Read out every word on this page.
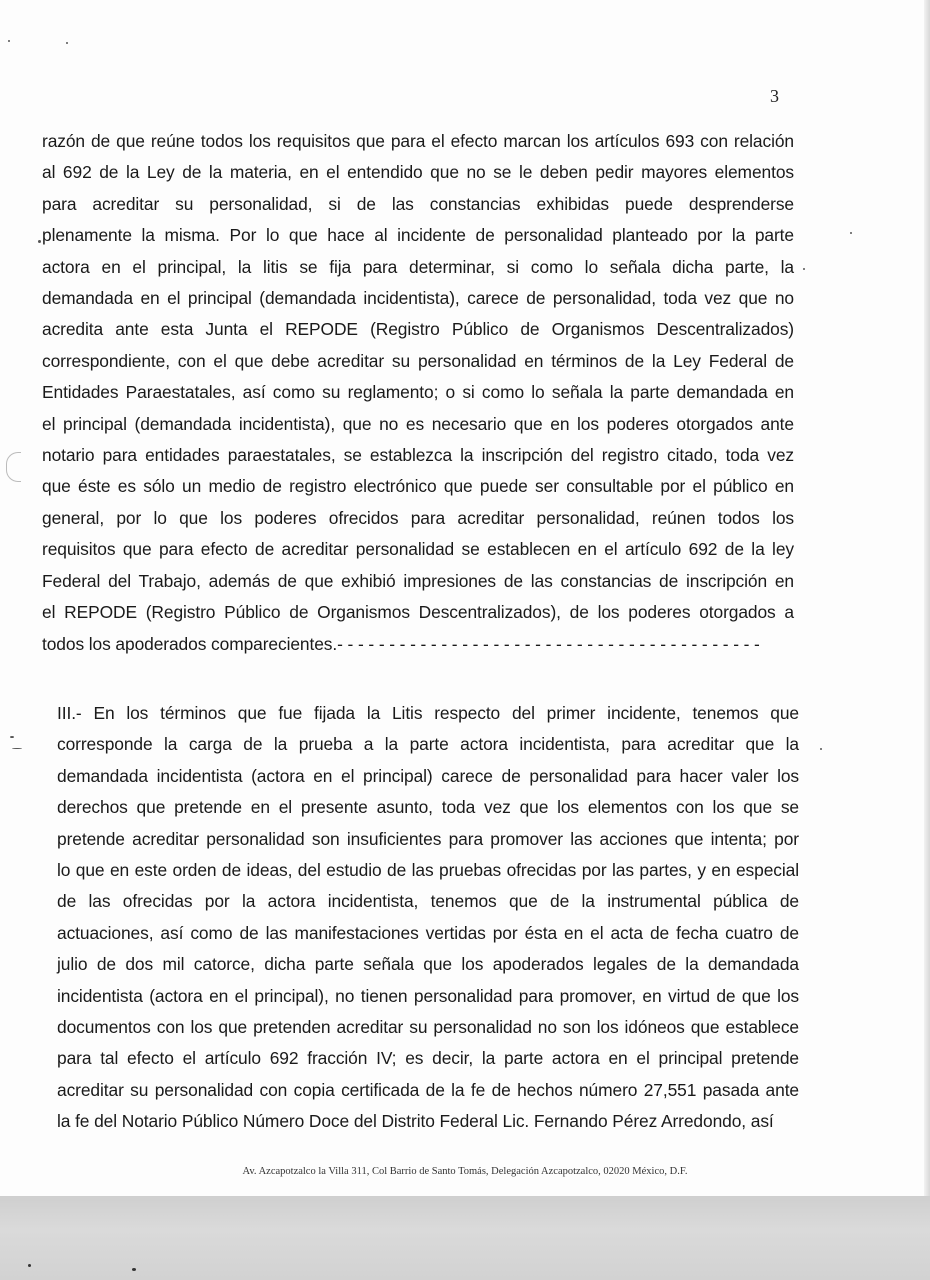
3

razón de que reúne todos los requisitos que para el efecto marcan los artículos 693 con relación
al 692 de la Ley de la materia, en el entendido que no se le deben pedir mayores elementos
para acreditar su personalidad, si de las constancias exhibidas puede desprenderse
plenamente la misma. Por lo que hace al incidente de personalidad planteado por la parte
actora en el principal, la litis se fija para determinar, si como lo señala dicha parte, la
demandada en el principal (demandada incidentista), carece de personalidad, toda vez que no
acredita ante esta Junta el REPODE (Registro Público de Organismos Descentralizados)
correspondiente, con el que debe acreditar su personalidad en términos de la Ley Federal de
Entidades Paraestatales, así como su reglamento; o si como lo señala la parte demandada en
el principal (demandada incidentista), que no es necesario que en los poderes otorgados ante
notario para entidades paraestatales, se establezca la inscripción del registro citado, toda vez
que éste es sólo un medio de registro electrónico que puede ser consultable por el público en
general, por lo que los poderes ofrecidos para acreditar personalidad, reúnen todos los
requisitos que para efecto de acreditar personalidad se establecen en el artículo 692 de la ley
Federal del Trabajo, además de que exhibió impresiones de las constancias de inscripción en
el REPODE (Registro Público de Organismos Descentralizados), de los poderes otorgados a
todos los apoderados comparecientes.- - - - - - - - - - - - - - - - - - - - - - - - - - - - - - - - - - - - - - - - -

III.- En los términos que fue fijada la Litis respecto del primer incidente, tenemos que
corresponde la carga de la prueba a la parte actora incidentista, para acreditar que la
demandada incidentista (actora en el principal) carece de personalidad para hacer valer los
derechos que pretende en el presente asunto, toda vez que los elementos con los que se
pretende acreditar personalidad son insuficientes para promover las acciones que intenta; por
lo que en este orden de ideas, del estudio de las pruebas ofrecidas por las partes, y en especial
de las ofrecidas por la actora incidentista, tenemos que de la instrumental pública de
actuaciones, así como de las manifestaciones vertidas por ésta en el acta de fecha cuatro de
julio de dos mil catorce, dicha parte señala que los apoderados legales de la demandada
incidentista (actora en el principal), no tienen personalidad para promover, en virtud de que los
documentos con los que pretenden acreditar su personalidad no son los idóneos que establece
para tal efecto el artículo 692 fracción IV; es decir, la parte actora en el principal pretende
acreditar su personalidad con copia certificada de la fe de hechos número 27,551 pasada ante
la fe del Notario Público Número Doce del Distrito Federal Lic. Fernando Pérez Arredondo, así

Av. Azcapotzalco la Villa 311, Col Barrio de Santo Tomás, Delegación Azcapotzalco, 02020 México, D.F.
